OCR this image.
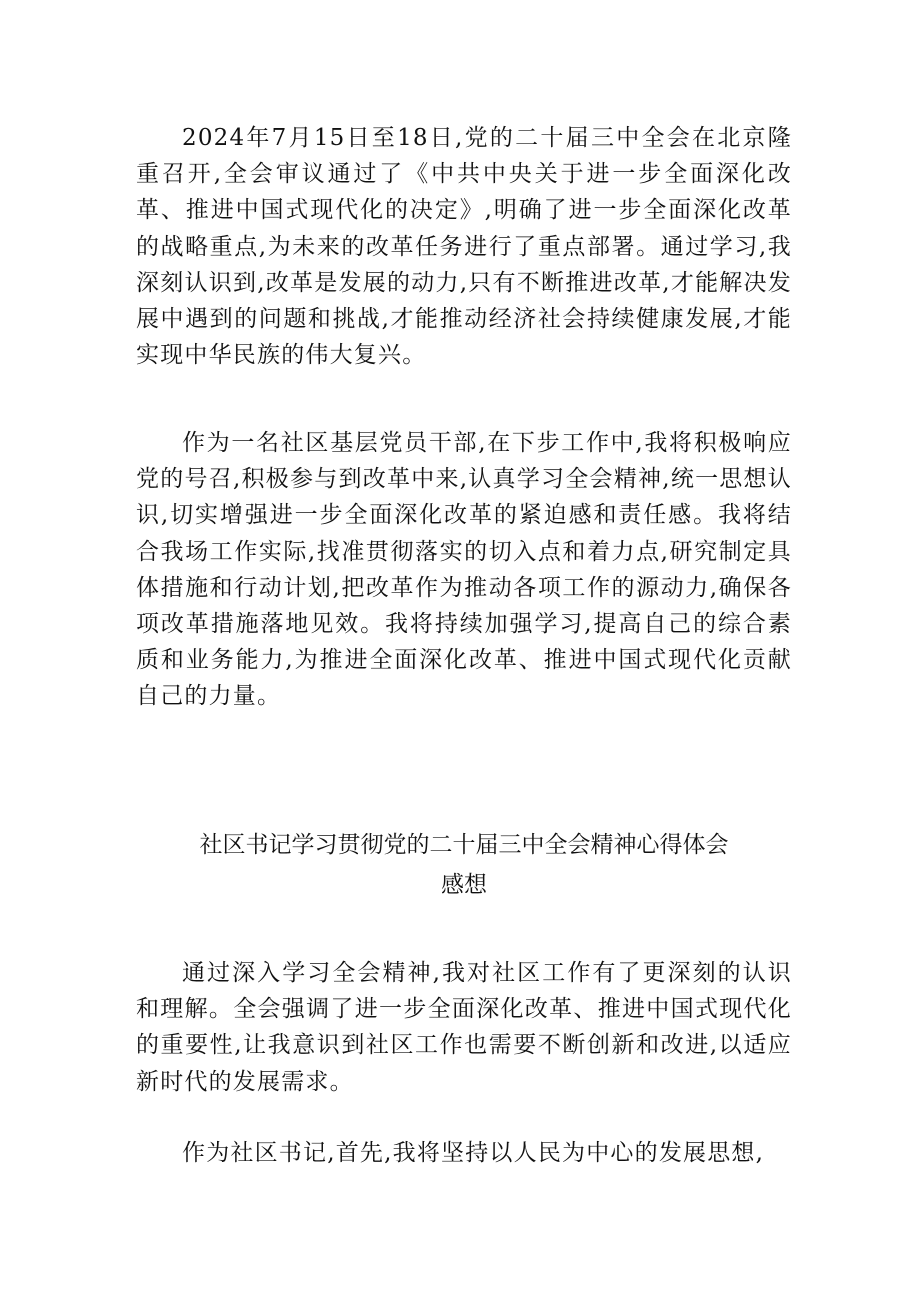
2024年7月15日至18日,党的二十届三中全会在北京隆重召开,全会审议通过了《中共中央关于进一步全面深化改革、推进中国式现代化的决定》,明确了进一步全面深化改革的战略重点,为未来的改革任务进行了重点部署。通过学习,我深刻认识到,改革是发展的动力,只有不断推进改革,才能解决发展中遇到的问题和挑战,才能推动经济社会持续健康发展,才能实现中华民族的伟大复兴。

作为一名社区基层党员干部,在下步工作中,我将积极响应党的号召,积极参与到改革中来,认真学习全会精神,统一思想认识,切实增强进一步全面深化改革的紧迫感和责任感。我将结合我场工作实际,找准贯彻落实的切入点和着力点,研究制定具体措施和行动计划,把改革作为推动各项工作的源动力,确保各项改革措施落地见效。我将持续加强学习,提高自己的综合素质和业务能力,为推进全面深化改革、推进中国式现代化贡献自己的力量。

社区书记学习贯彻党的二十届三中全会精神心得体会
感想

通过深入学习全会精神,我对社区工作有了更深刻的认识和理解。全会强调了进一步全面深化改革、推进中国式现代化的重要性,让我意识到社区工作也需要不断创新和改进,以适应新时代的发展需求。

作为社区书记,首先,我将坚持以人民为中心的发展思想,
